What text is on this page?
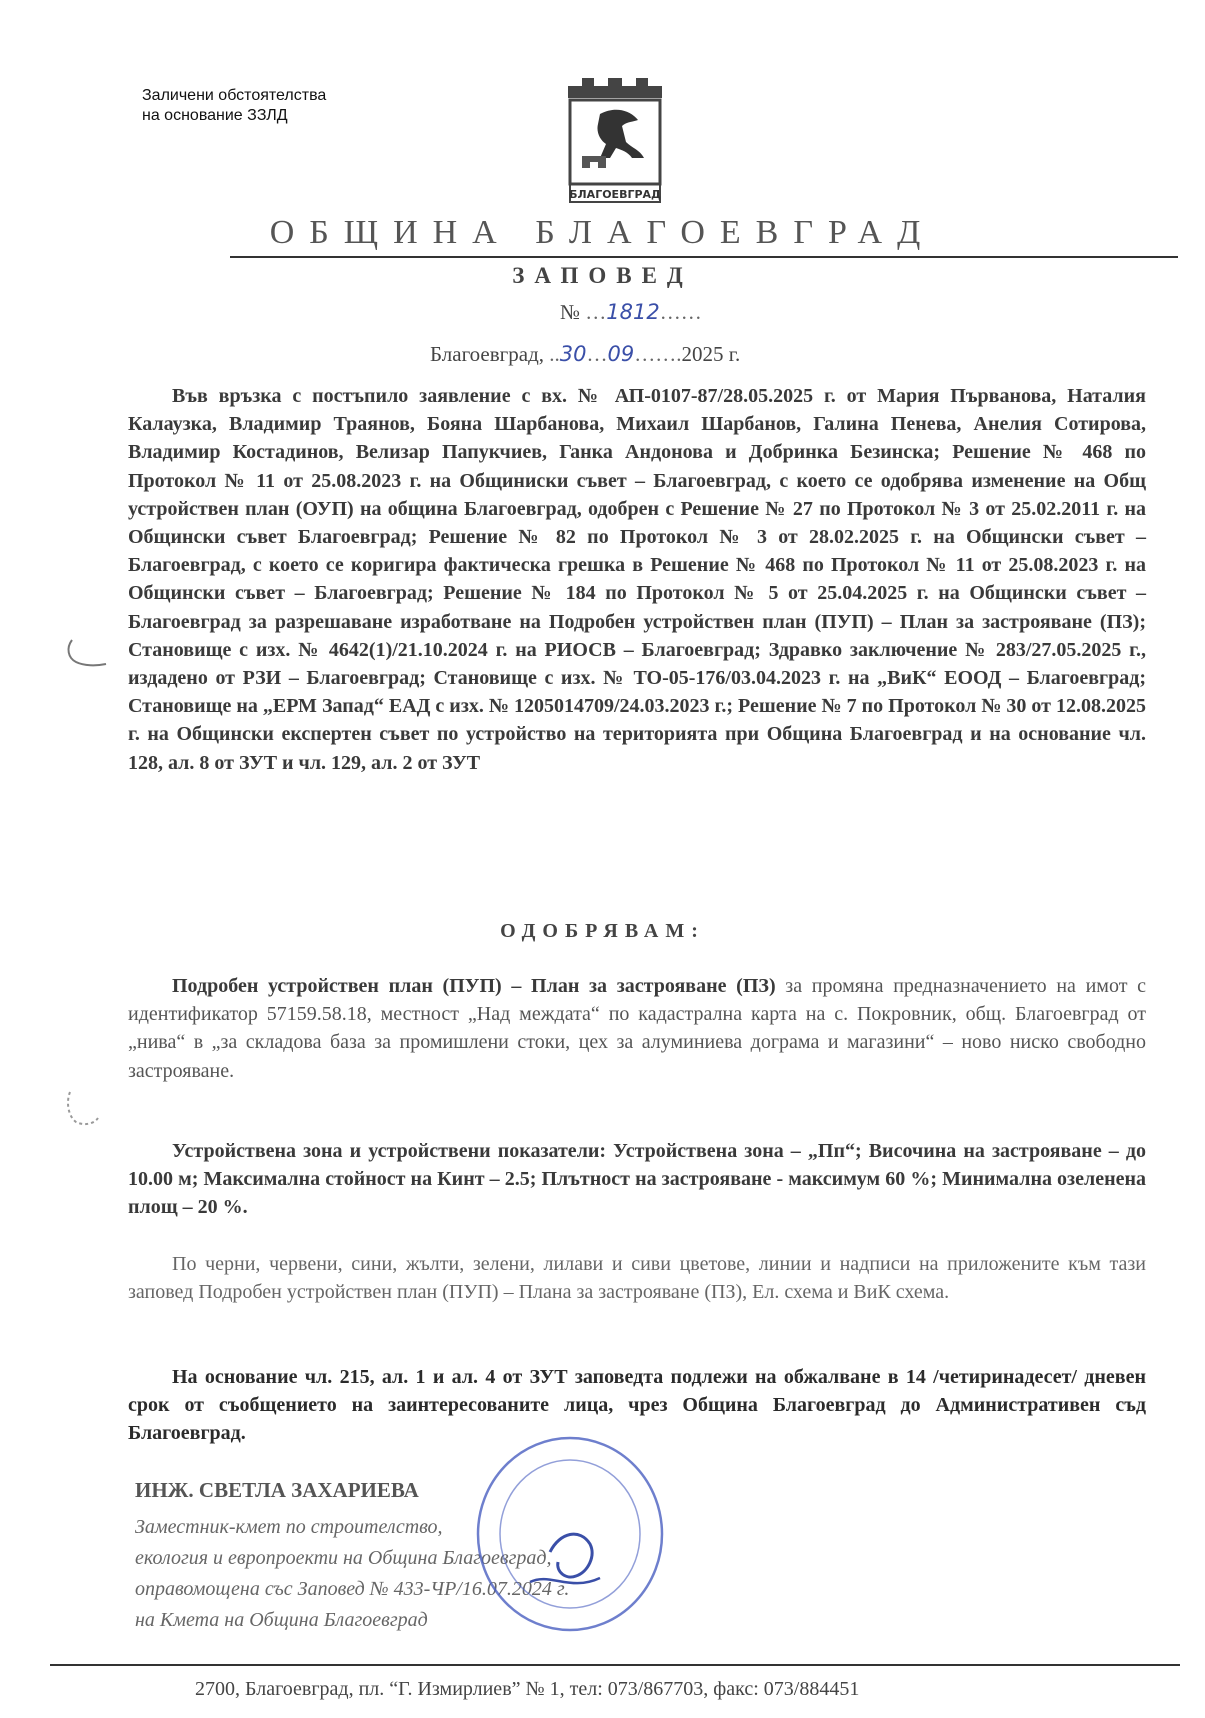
Заличени обстоятелства
на основание ЗЗЛД
БЛАГОЕВГРАД
ОБЩИНА БЛАГОЕВГРАД
ЗАПОВЕД
№ …1812……
Благоевград, ..30…09…….2025 г.

Във връзка с постъпило заявление с вх. № АП-0107-87/28.05.2025 г. от Мария Първанова, Наталия Калаузка, Владимир Траянов, Бояна Шарбанова, Михаил Шарбанов, Галина Пенева, Анелия Сотирова, Владимир Костадинов, Велизар Папукчиев, Ганка Андонова и Добринка Безинска; Решение № 468 по Протокол № 11 от 25.08.2023 г. на Общиниски съвет – Благоевград, с което се одобрява изменение на Общ устройствен план (ОУП) на община Благоевград, одобрен с Решение № 27 по Протокол № 3 от 25.02.2011 г. на Общински съвет Благоевград; Решение № 82 по Протокол № 3 от 28.02.2025 г. на Общински съвет – Благоевград, с което се коригира фактическа грешка в Решение № 468 по Протокол № 11 от 25.08.2023 г. на Общински съвет – Благоевград; Решение № 184 по Протокол № 5 от 25.04.2025 г. на Общински съвет – Благоевград за разрешаване изработване на Подробен устройствен план (ПУП) – План за застрояване (ПЗ); Становище с изх. № 4642(1)/21.10.2024 г. на РИОСВ – Благоевград; Здравко заключение № 283/27.05.2025 г., издадено от РЗИ – Благоевград; Становище с изх. № ТО-05-176/03.04.2023 г. на „ВиК“ ЕООД – Благоевград; Становище на „ЕРМ Запад“ ЕАД с изх. № 1205014709/24.03.2023 г.; Решение № 7 по Протокол № 30 от 12.08.2025 г. на Общински експертен съвет по устройство на територията при Община Благоевград и на основание чл. 128, ал. 8 от ЗУТ и чл. 129, ал. 2 от ЗУТ

ОДОБРЯВАМ:

Подробен устройствен план (ПУП) – План за застрояване (ПЗ) за промяна предназначението на имот с идентификатор 57159.58.18, местност „Над междата“ по кадастрална карта на с. Покровник, общ. Благоевград от „нива“ в „за складова база за промишлени стоки, цех за алуминиева дограма и магазини“ – ново ниско свободно застрояване.

Устройствена зона и устройствени показатели: Устройствена зона – „Пп“; Височина на застрояване – до 10.00 м; Максимална стойност на Кинт – 2.5; Плътност на застрояване - максимум 60 %; Минимална озеленена площ – 20 %.

По черни, червени, сини, жълти, зелени, лилави и сиви цветове, линии и надписи на приложените към тази заповед Подробен устройствен план (ПУП) – Плана за застрояване (ПЗ), Ел. схема и ВиК схема.

На основание чл. 215, ал. 1 и ал. 4 от ЗУТ заповедта подлежи на обжалване в 14 /четиринадесет/ дневен срок от съобщението на заинтересованите лица, чрез Община Благоевград до Административен съд Благоевград.

ИНЖ. СВЕТЛА ЗАХАРИЕВА
Заместник-кмет по строителство,
екология и европроекти на Община Благоевград,
оправомощена със Заповед № 433-ЧР/16.07.2024 г.
на Кмета на Община Благоевград
2700, Благоевград, пл. “Г. Измирлиев” № 1, тел: 073/867703, факс: 073/884451
